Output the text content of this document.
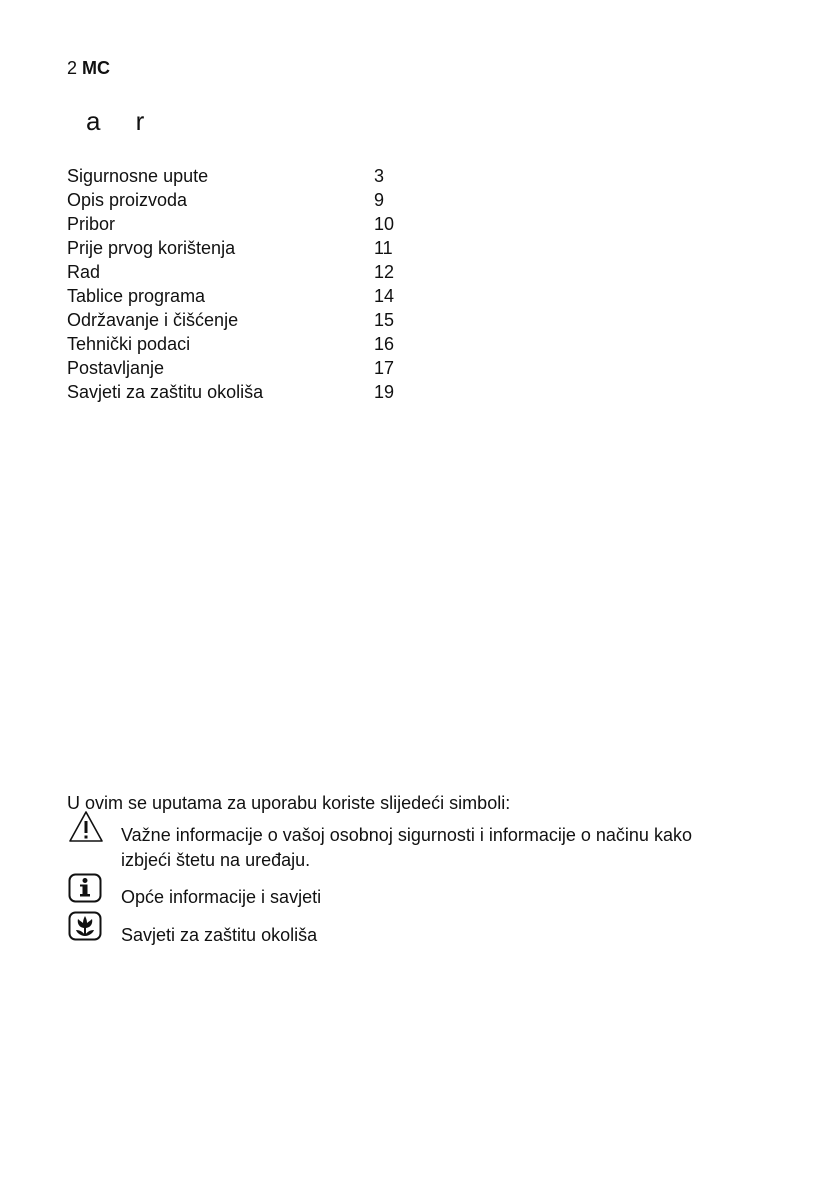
2 MC
a r
Sigurnosne upute	3
Opis proizvoda	9
Pribor	10
Prije prvog korištenja	11
Rad	12
Tablice programa	14
Održavanje i čišćenje	15
Tehnički podaci	16
Postavljanje	17
Savjeti za zaštitu okoliša	19
U ovim se uputama za uporabu koriste slijedeći simboli:
Važne informacije o vašoj osobnoj sigurnosti i informacije o načinu kako
izbjeći štetu na uređaju.
Opće informacije i savjeti
Savjeti za zaštitu okoliša
